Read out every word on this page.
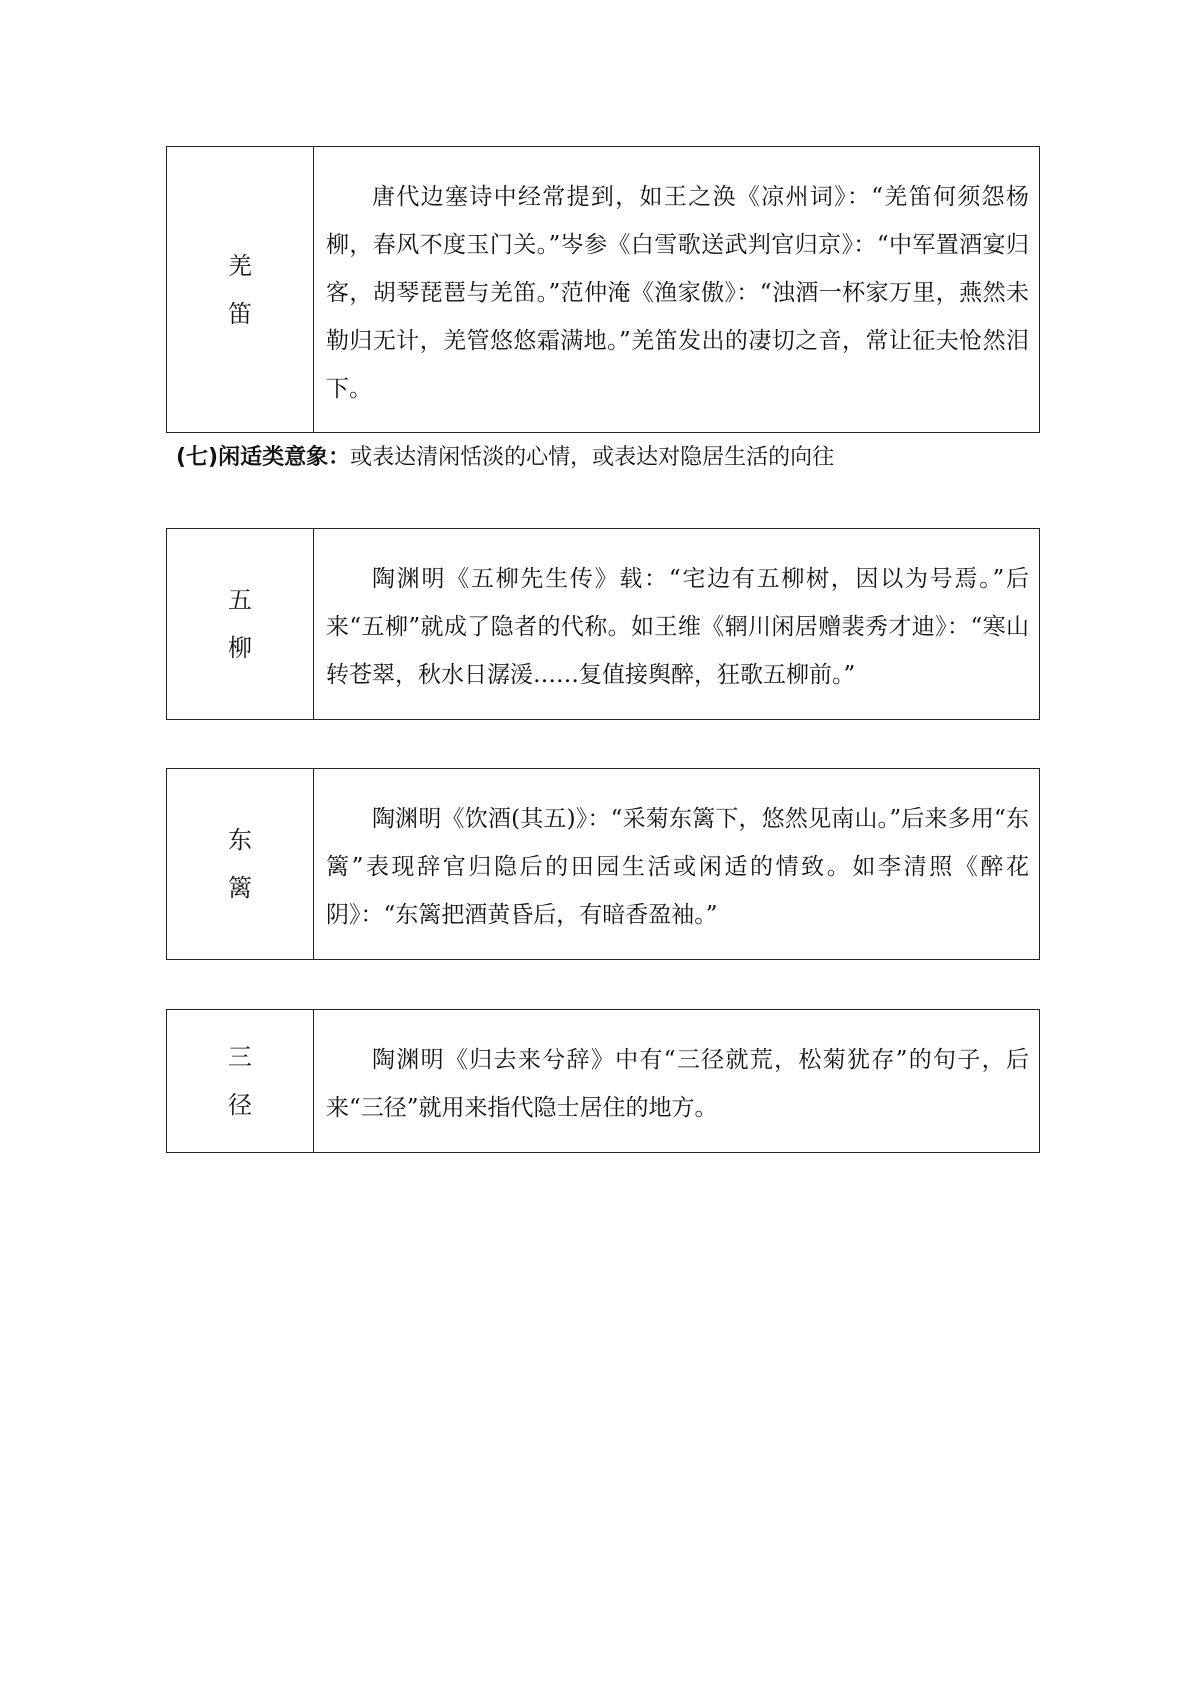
羌
笛
唐代边塞诗中经常提到，如王之涣《凉州词》：“羌笛何须怨杨柳，春风不度玉门关。”岑参《白雪歌送武判官归京》：“中军置酒宴归客，胡琴琵琶与羌笛。”范仲淹《渔家傲》：“浊酒一杯家万里，燕然未勒归无计，羌管悠悠霜满地。”羌笛发出的凄切之音，常让征夫怆然泪下。
(七)闲适类意象：或表达清闲恬淡的心情，或表达对隐居生活的向往
五
柳
陶渊明《五柳先生传》载：“宅边有五柳树，因以为号焉。”后来“五柳”就成了隐者的代称。如王维《辋川闲居赠裴秀才迪》：“寒山转苍翠，秋水日潺湲……复值接舆醉，狂歌五柳前。”
东
篱
陶渊明《饮酒(其五)》：“采菊东篱下，悠然见南山。”后来多用“东篱”表现辞官归隐后的田园生活或闲适的情致。如李清照《醉花阴》：“东篱把酒黄昏后，有暗香盈袖。”
三
径
陶渊明《归去来兮辞》中有“三径就荒，松菊犹存”的句子，后来“三径”就用来指代隐士居住的地方。
